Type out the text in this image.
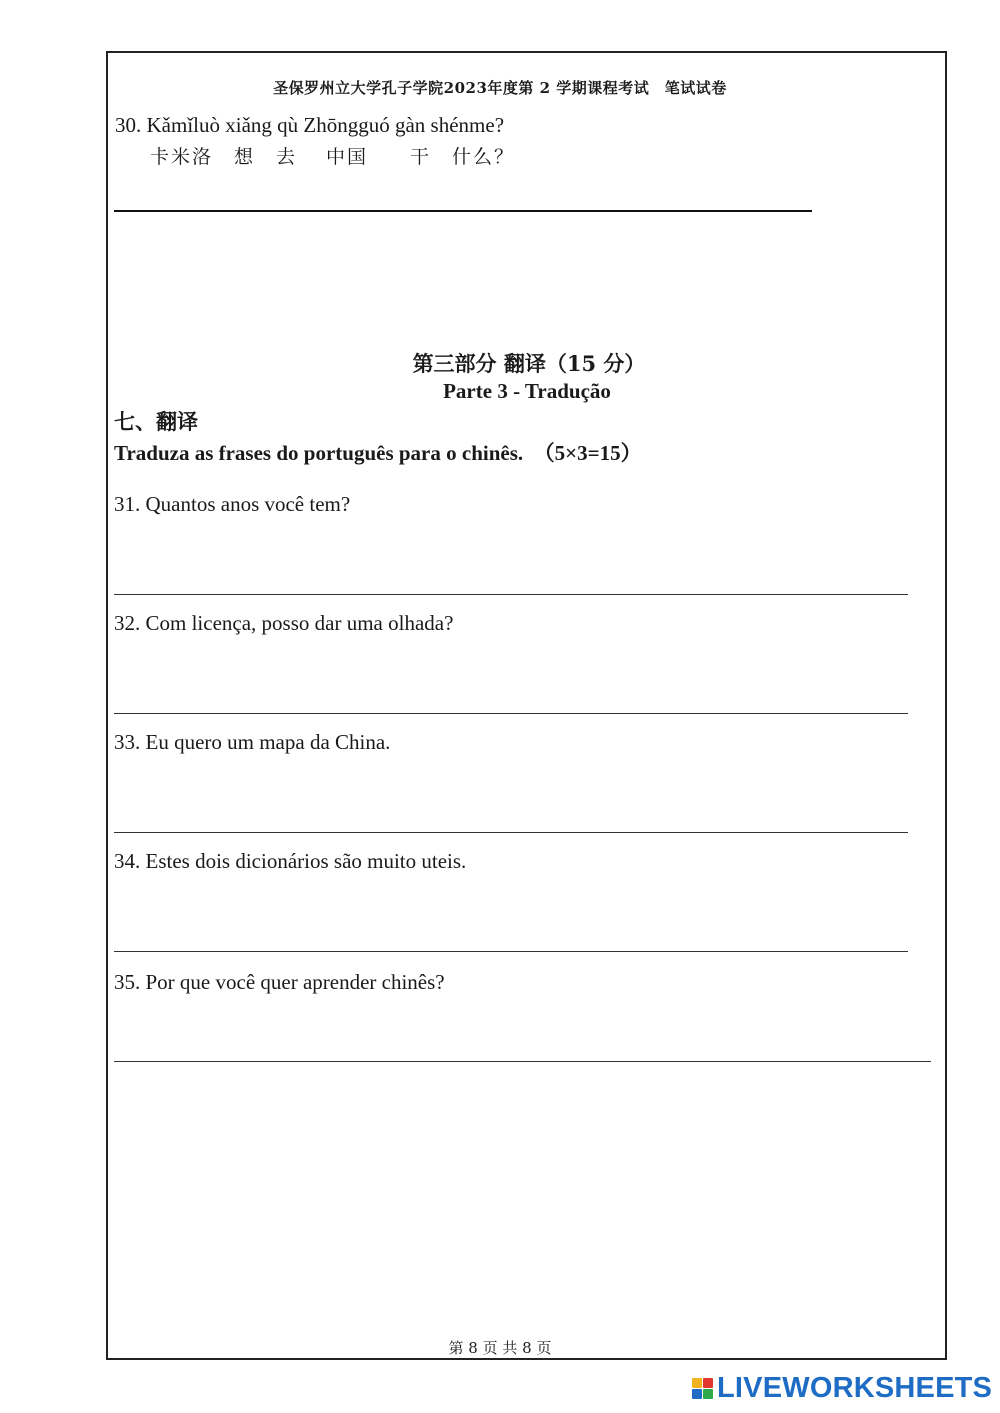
圣保罗州立大学孔子学院2023年度第 2 学期课程考试　笔试试卷
30. Kǎmǐluò xiǎng qù Zhōngguó gàn shénme?
卡米洛　想　去　 中国　　干　什么？
第三部分 翻译（15 分）
Parte 3 - Tradução
七、翻译
Traduza as frases do português para o chinês.　（5×3=15）
31. Quantos anos você tem?
32. Com licença, posso dar uma olhada?
33. Eu quero um mapa da China.
34. Estes dois dicionários são muito uteis.
35. Por que você quer aprender chinês?
第 8 页 共 8 页
LIVEWORKSHEETS
